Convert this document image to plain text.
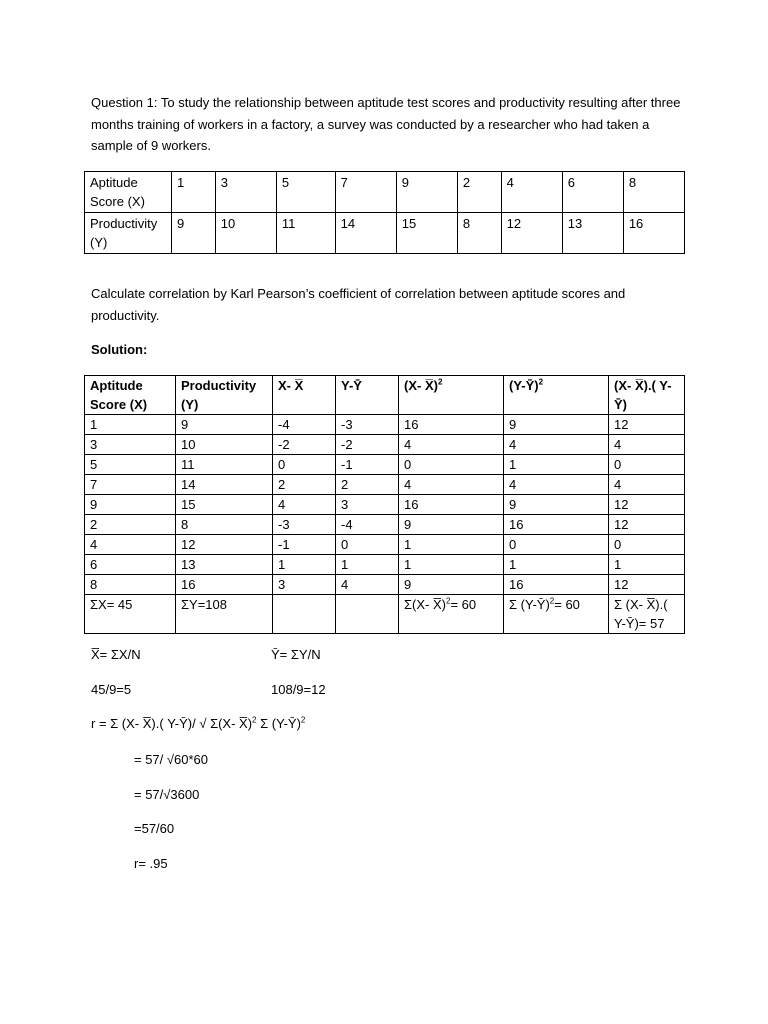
Question 1: To study the relationship between aptitude test scores and productivity resulting after three months training of workers in a factory, a survey was conducted by a researcher who had taken a sample of 9 workers.

Aptitude Score (X)	1	3	5	7	9	2	4	6	8
Productivity (Y)	9	10	11	14	15	8	12	13	16

Calculate correlation by Karl Pearson’s coefficient of correlation between aptitude scores and productivity.

Solution:

Aptitude Score (X)	Productivity (Y)	X- X̅	Y-Ȳ	(X- X̅)$^2$	(Y-Ȳ)$^2$	(X- X̅).( Y-Ȳ)
1	9	-4	-3	16	9	12
3	10	-2	-2	4	4	4
5	11	0	-1	0	1	0
7	14	2	2	4	4	4
9	15	4	3	16	9	12
2	8	-3	-4	9	16	12
4	12	-1	0	1	0	0
6	13	1	1	1	1	1
8	16	3	4	9	16	12
ΣX= 45	ΣY=108			Σ(X- X̅)$^2$= 60	Σ (Y-Ȳ)$^2$= 60	Σ (X- X̅).( Y-Ȳ)= 57

X̅= ΣX/N	Ȳ= ΣY/N

45/9=5	108/9=12

r = Σ (X- X̅).( Y-Ȳ)/ √ Σ(X- X̅)$^2$ Σ (Y-Ȳ)$^2$

= 57/ √60*60

= 57/√3600

=57/60

r= .95
